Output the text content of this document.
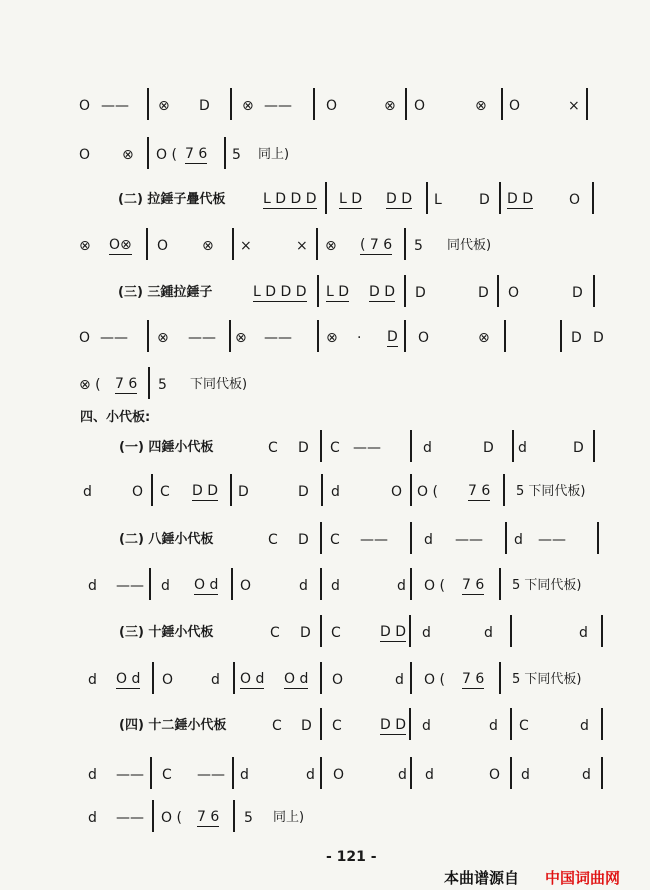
O —— ⊗ D ⊗ —— O	⊗ O	⊗ O	×
O ⊗ O ( 7 6 5 同上)
(二) 拉錘子疊代板	L D D D L D D D L	D D D	O
⊗ O⊗ O ⊗ ×	× ⊗ ( 7 6 5 同代板)
(三) 三鍾拉錘子	L D D D L D D D D	D O	D
O —— ⊗ —— ⊗ —— ⊗ · D O	⊗	D D
⊗ ( 7 6 5 下同代板)
四、小代板:
(一) 四錘小代板	C D C ——	d	D d	D
d	O C D D D	D d	O O ( 7 6 5 下同代板)
(二) 八錘小代板	C D C ——	d —— d ——
d —— d O d O	d d	d O ( 7 6 5 下同代板)
(三) 十錘小代板	C D C	D D d	d	d
d O d O	d O d O d O	d O ( 7 6 5 下同代板)
(四) 十二錘小代板	C D C	D D d	d C	d
d —— C —— d	d O	d d	O d	d
d —— O ( 7 6 5 同上)
- 121 -
本曲谱源自 中国词曲网
